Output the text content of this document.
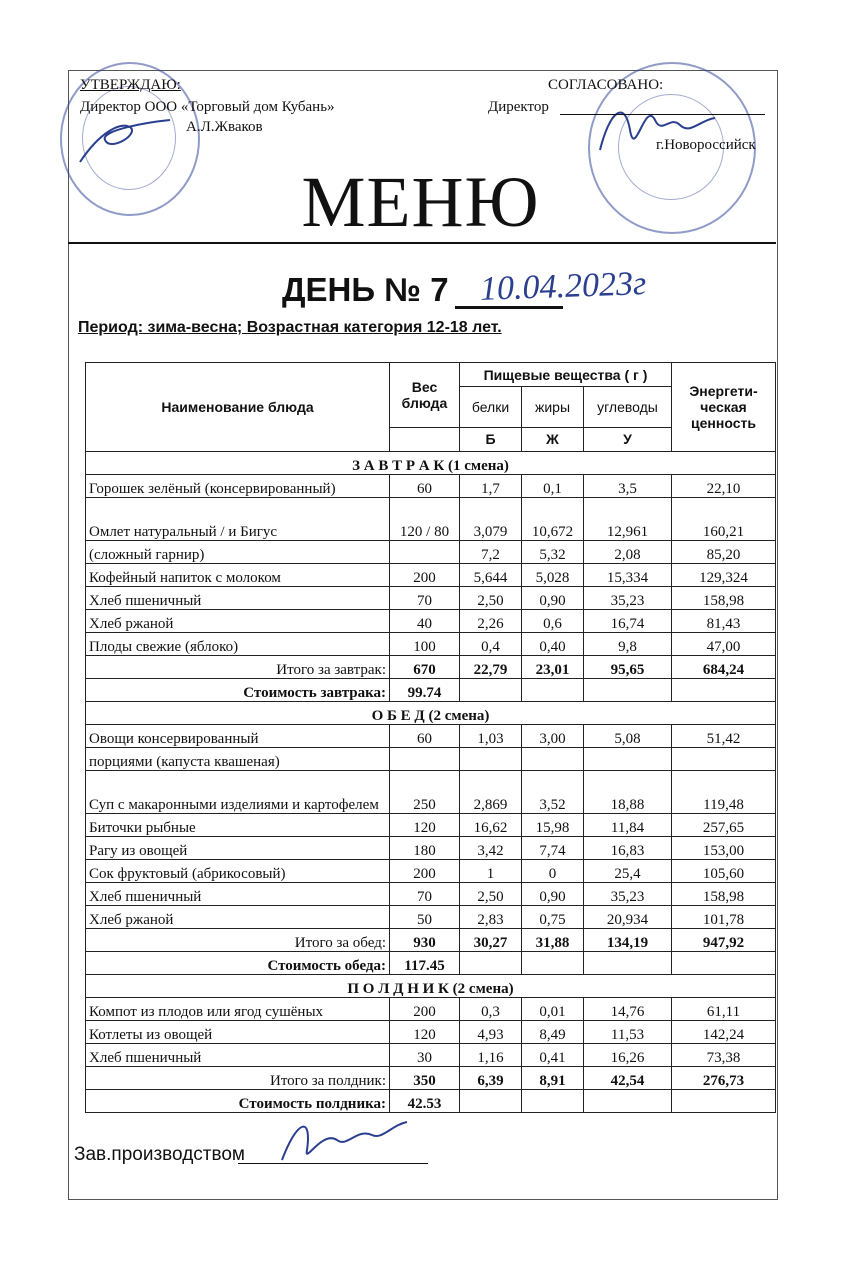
УТВЕРЖДАЮ:
Директор ООО «Торговый дом Кубань»
А.Л.Жваков
СОГЛАСОВАНО:
Директор
г.Новороссийск
МЕНЮ
ДЕНЬ № 7 10.04.2023г
Период: зима-весна; Возрастная категория 12-18 лет.
Наименование блюда	Вес блюда	Пищевые вещества ( г )			Энергети-ческая ценность
		белки	жиры	углеводы	
		Б	Ж	У	
З А В Т Р А К (1 смена)					
Горошек зелёный (консервированный)	60	1,7	0,1	3,5	22,10
Омлет натуральный / и Бигус	120 / 80	3,079	10,672	12,961	160,21
(сложный гарнир)		7,2	5,32	2,08	85,20
Кофейный напиток с молоком	200	5,644	5,028	15,334	129,324
Хлеб пшеничный	70	2,50	0,90	35,23	158,98
Хлеб ржаной	40	2,26	0,6	16,74	81,43
Плоды свежие (яблоко)	100	0,4	0,40	9,8	47,00
Итого за завтрак:	670	22,79	23,01	95,65	684,24
Стоимость завтрака:	99.74				
О Б Е Д (2 смена)					
Овощи консервированный	60	1,03	3,00	5,08	51,42
порциями (капуста квашеная)					
Суп с макаронными изделиями и картофелем	250	2,869	3,52	18,88	119,48
Биточки рыбные	120	16,62	15,98	11,84	257,65
Рагу из овощей	180	3,42	7,74	16,83	153,00
Сок фруктовый (абрикосовый)	200	1	0	25,4	105,60
Хлеб пшеничный	70	2,50	0,90	35,23	158,98
Хлеб ржаной	50	2,83	0,75	20,934	101,78
Итого за обед:	930	30,27	31,88	134,19	947,92
Стоимость обеда:	117.45				
П О Л Д Н И К (2 смена)					
Компот из плодов или ягод сушёных	200	0,3	0,01	14,76	61,11
Котлеты из овощей	120	4,93	8,49	11,53	142,24
Хлеб пшеничный	30	1,16	0,41	16,26	73,38
Итого за полдник:	350	6,39	8,91	42,54	276,73
Стоимость полдника:	42.53				
Зав.производством
